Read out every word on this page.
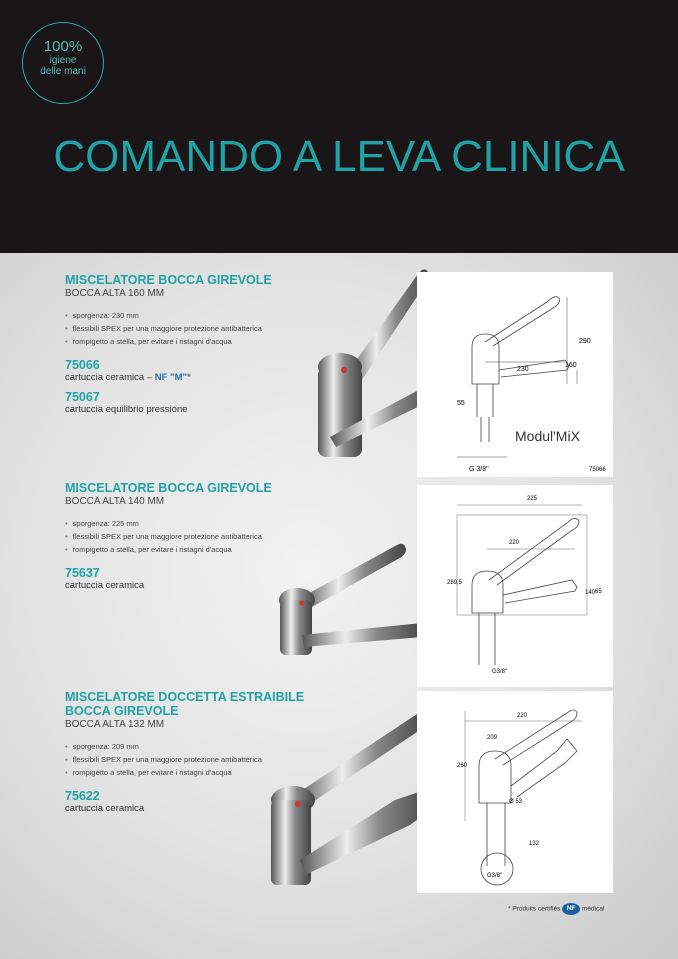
100%
igiene
delle mani
COMANDO A LEVA CLINICA

MISCELATORE BOCCA GIREVOLE

BOCCA ALTA 160 MM

• sporgenza: 230 mm
• flessibili SPEX per una maggiore protezione antibatterica
• rompigetto a stella, per evitare i ristagni d'acqua

75066

cartuccia ceramica – NF "M"*

75067

cartuccia equilibrio pressione

MISCELATORE BOCCA GIREVOLE

BOCCA ALTA 140 MM

• sporgenza: 225 mm
• flessibili SPEX per una maggiore protezione antibatterica
• rompigetto a stella, per evitare i ristagni d'acqua

75637

cartuccia ceramica

MISCELATORE DOCCETTA ESTRAIBILE

BOCCA GIREVOLE

BOCCA ALTA 132 MM

• sporgenza: 209 mm
• flessibili SPEX per una maggiore protezione antibatterica
• rompigetto a stella, per evitare i ristagni d'acqua

75622

cartuccia ceramica

230
290
160
55
G 3/8"
Modul'MiX
75066
225
220
289,5
140 65
G3/8"
220
209
132
260
Ø 53
G3/8"
* Produits certifiés NF médical
